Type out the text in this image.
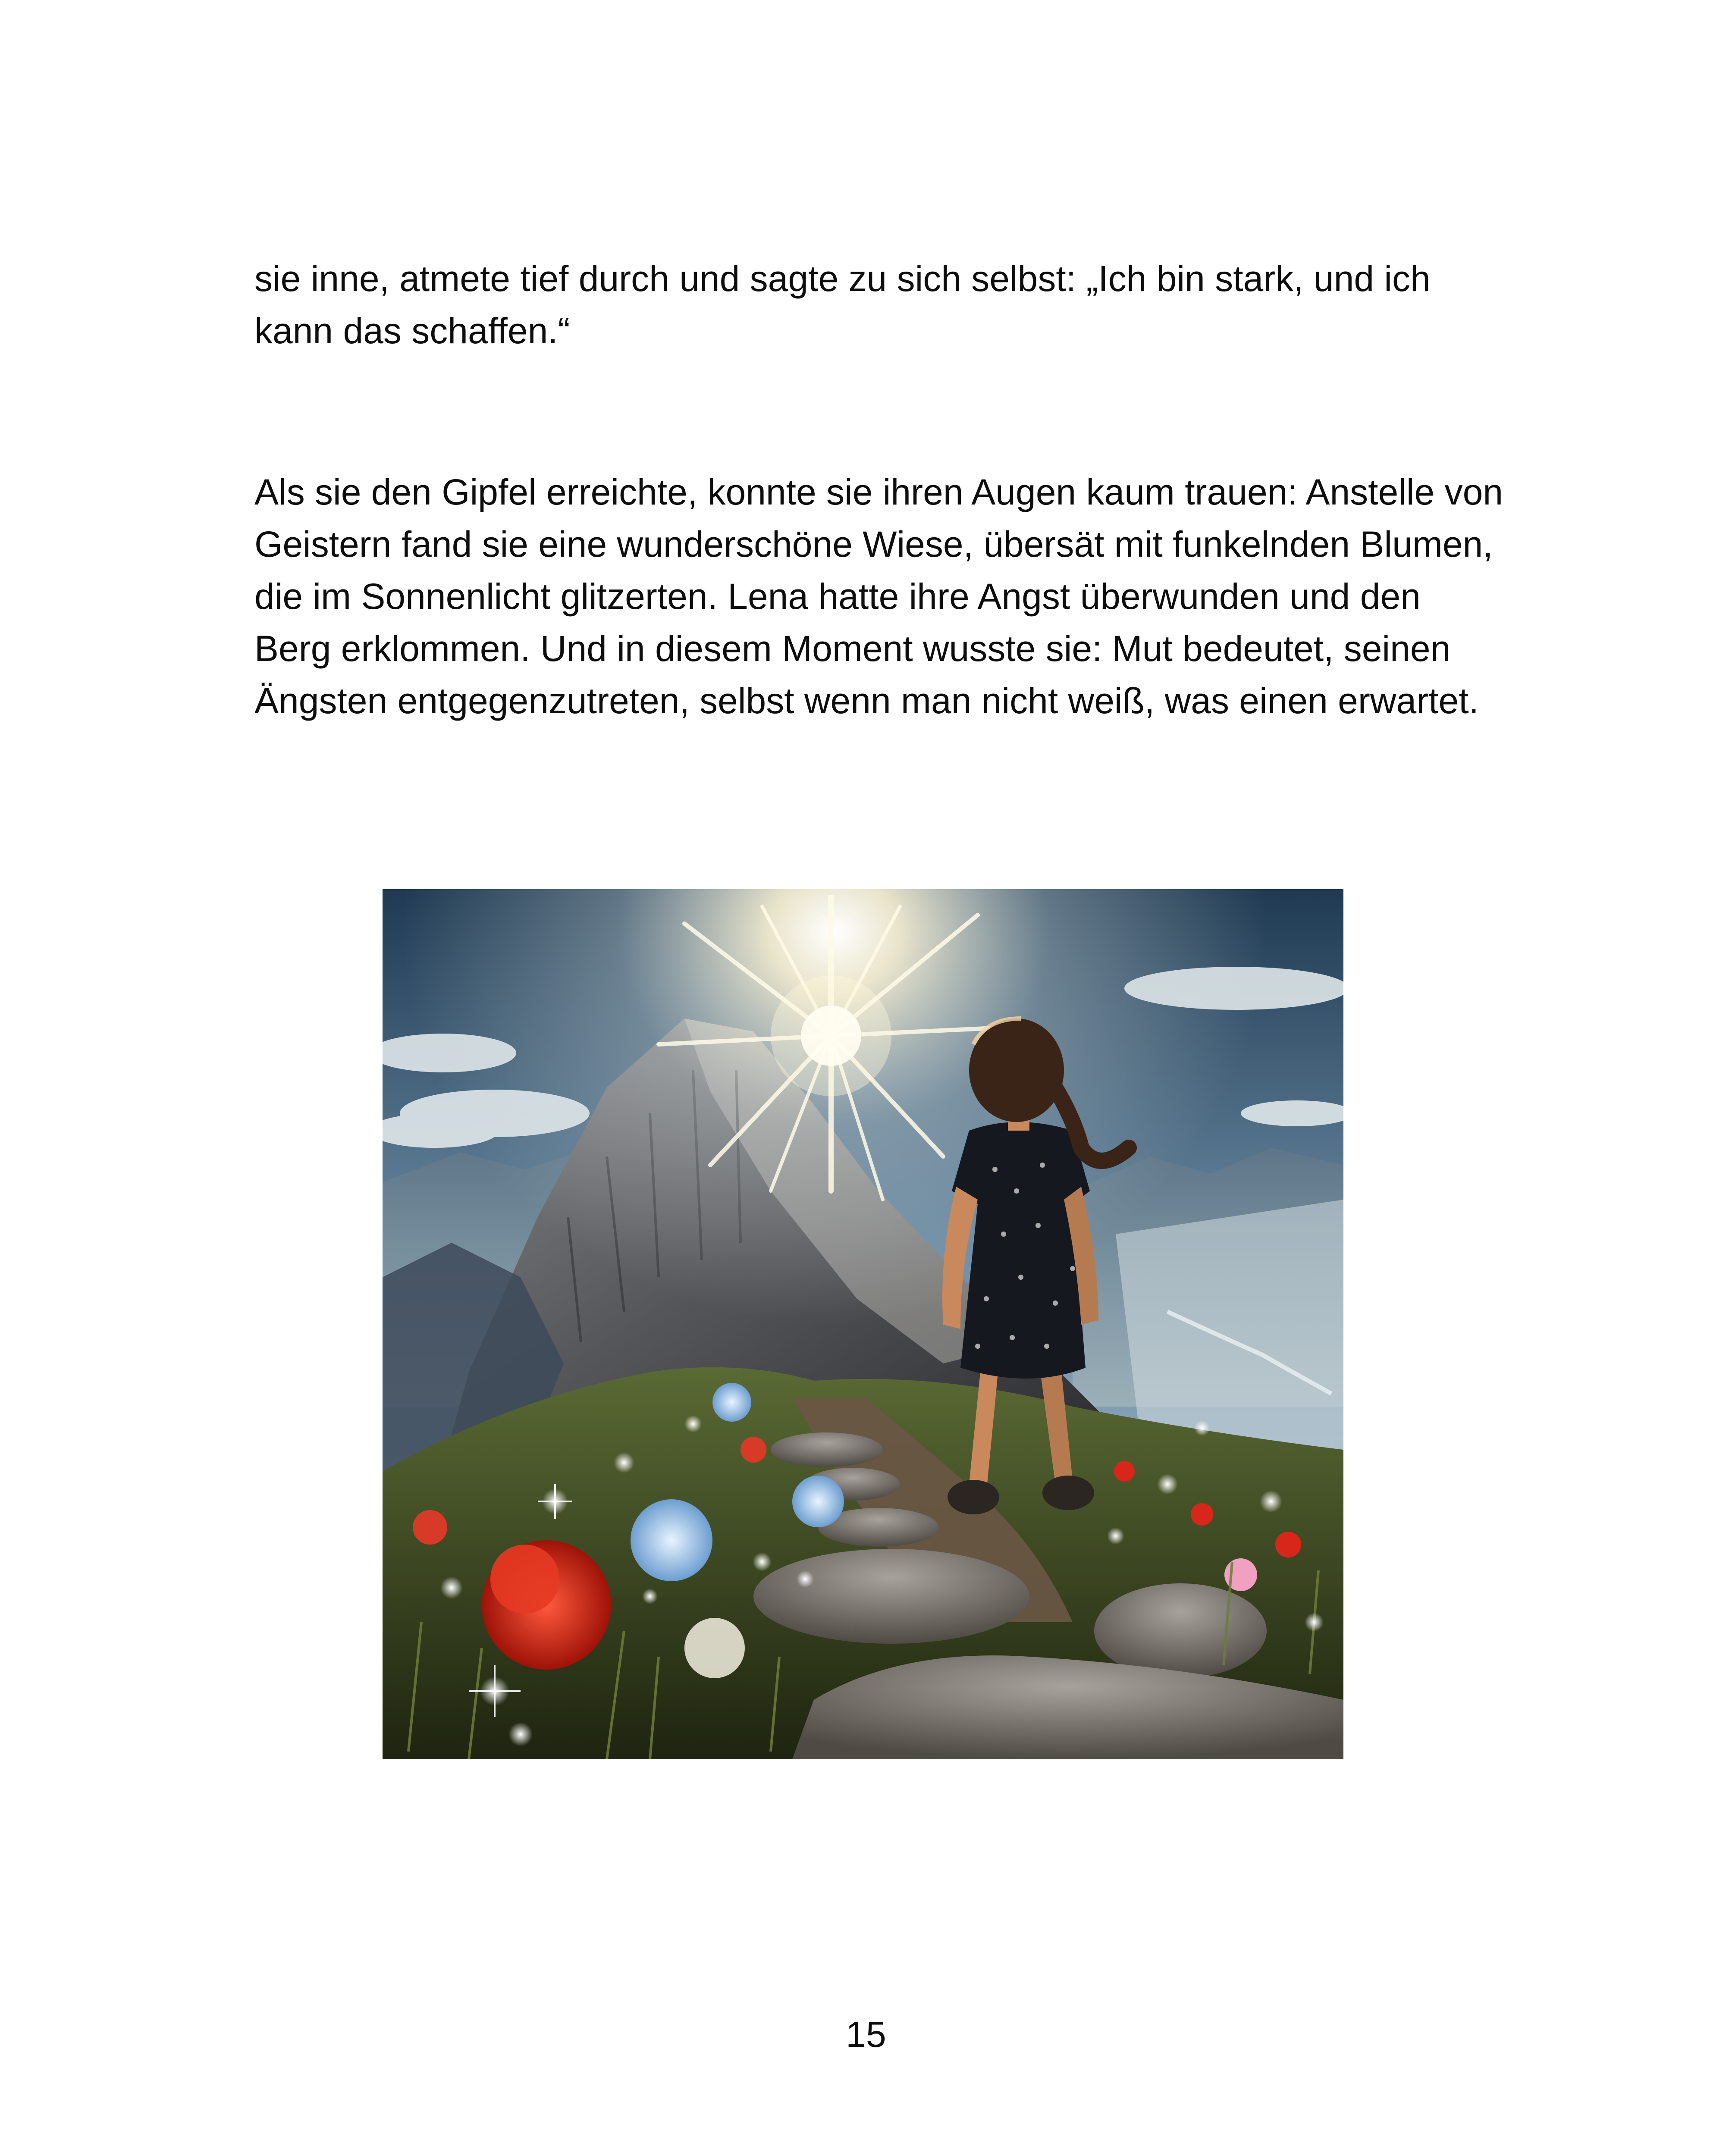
sie inne, atmete tief durch und sagte zu sich selbst: „Ich bin stark, und ich kann das schaffen.“

Als sie den Gipfel erreichte, konnte sie ihren Augen kaum trauen: Anstelle von Geistern fand sie eine wunderschöne Wiese, übersät mit funkelnden Blumen, die im Sonnenlicht glitzerten. Lena hatte ihre Angst überwunden und den Berg erklommen. Und in diesem Moment wusste sie: Mut bedeutet, seinen Ängsten entgegenzutreten, selbst wenn man nicht weiß, was einen erwartet.

15
